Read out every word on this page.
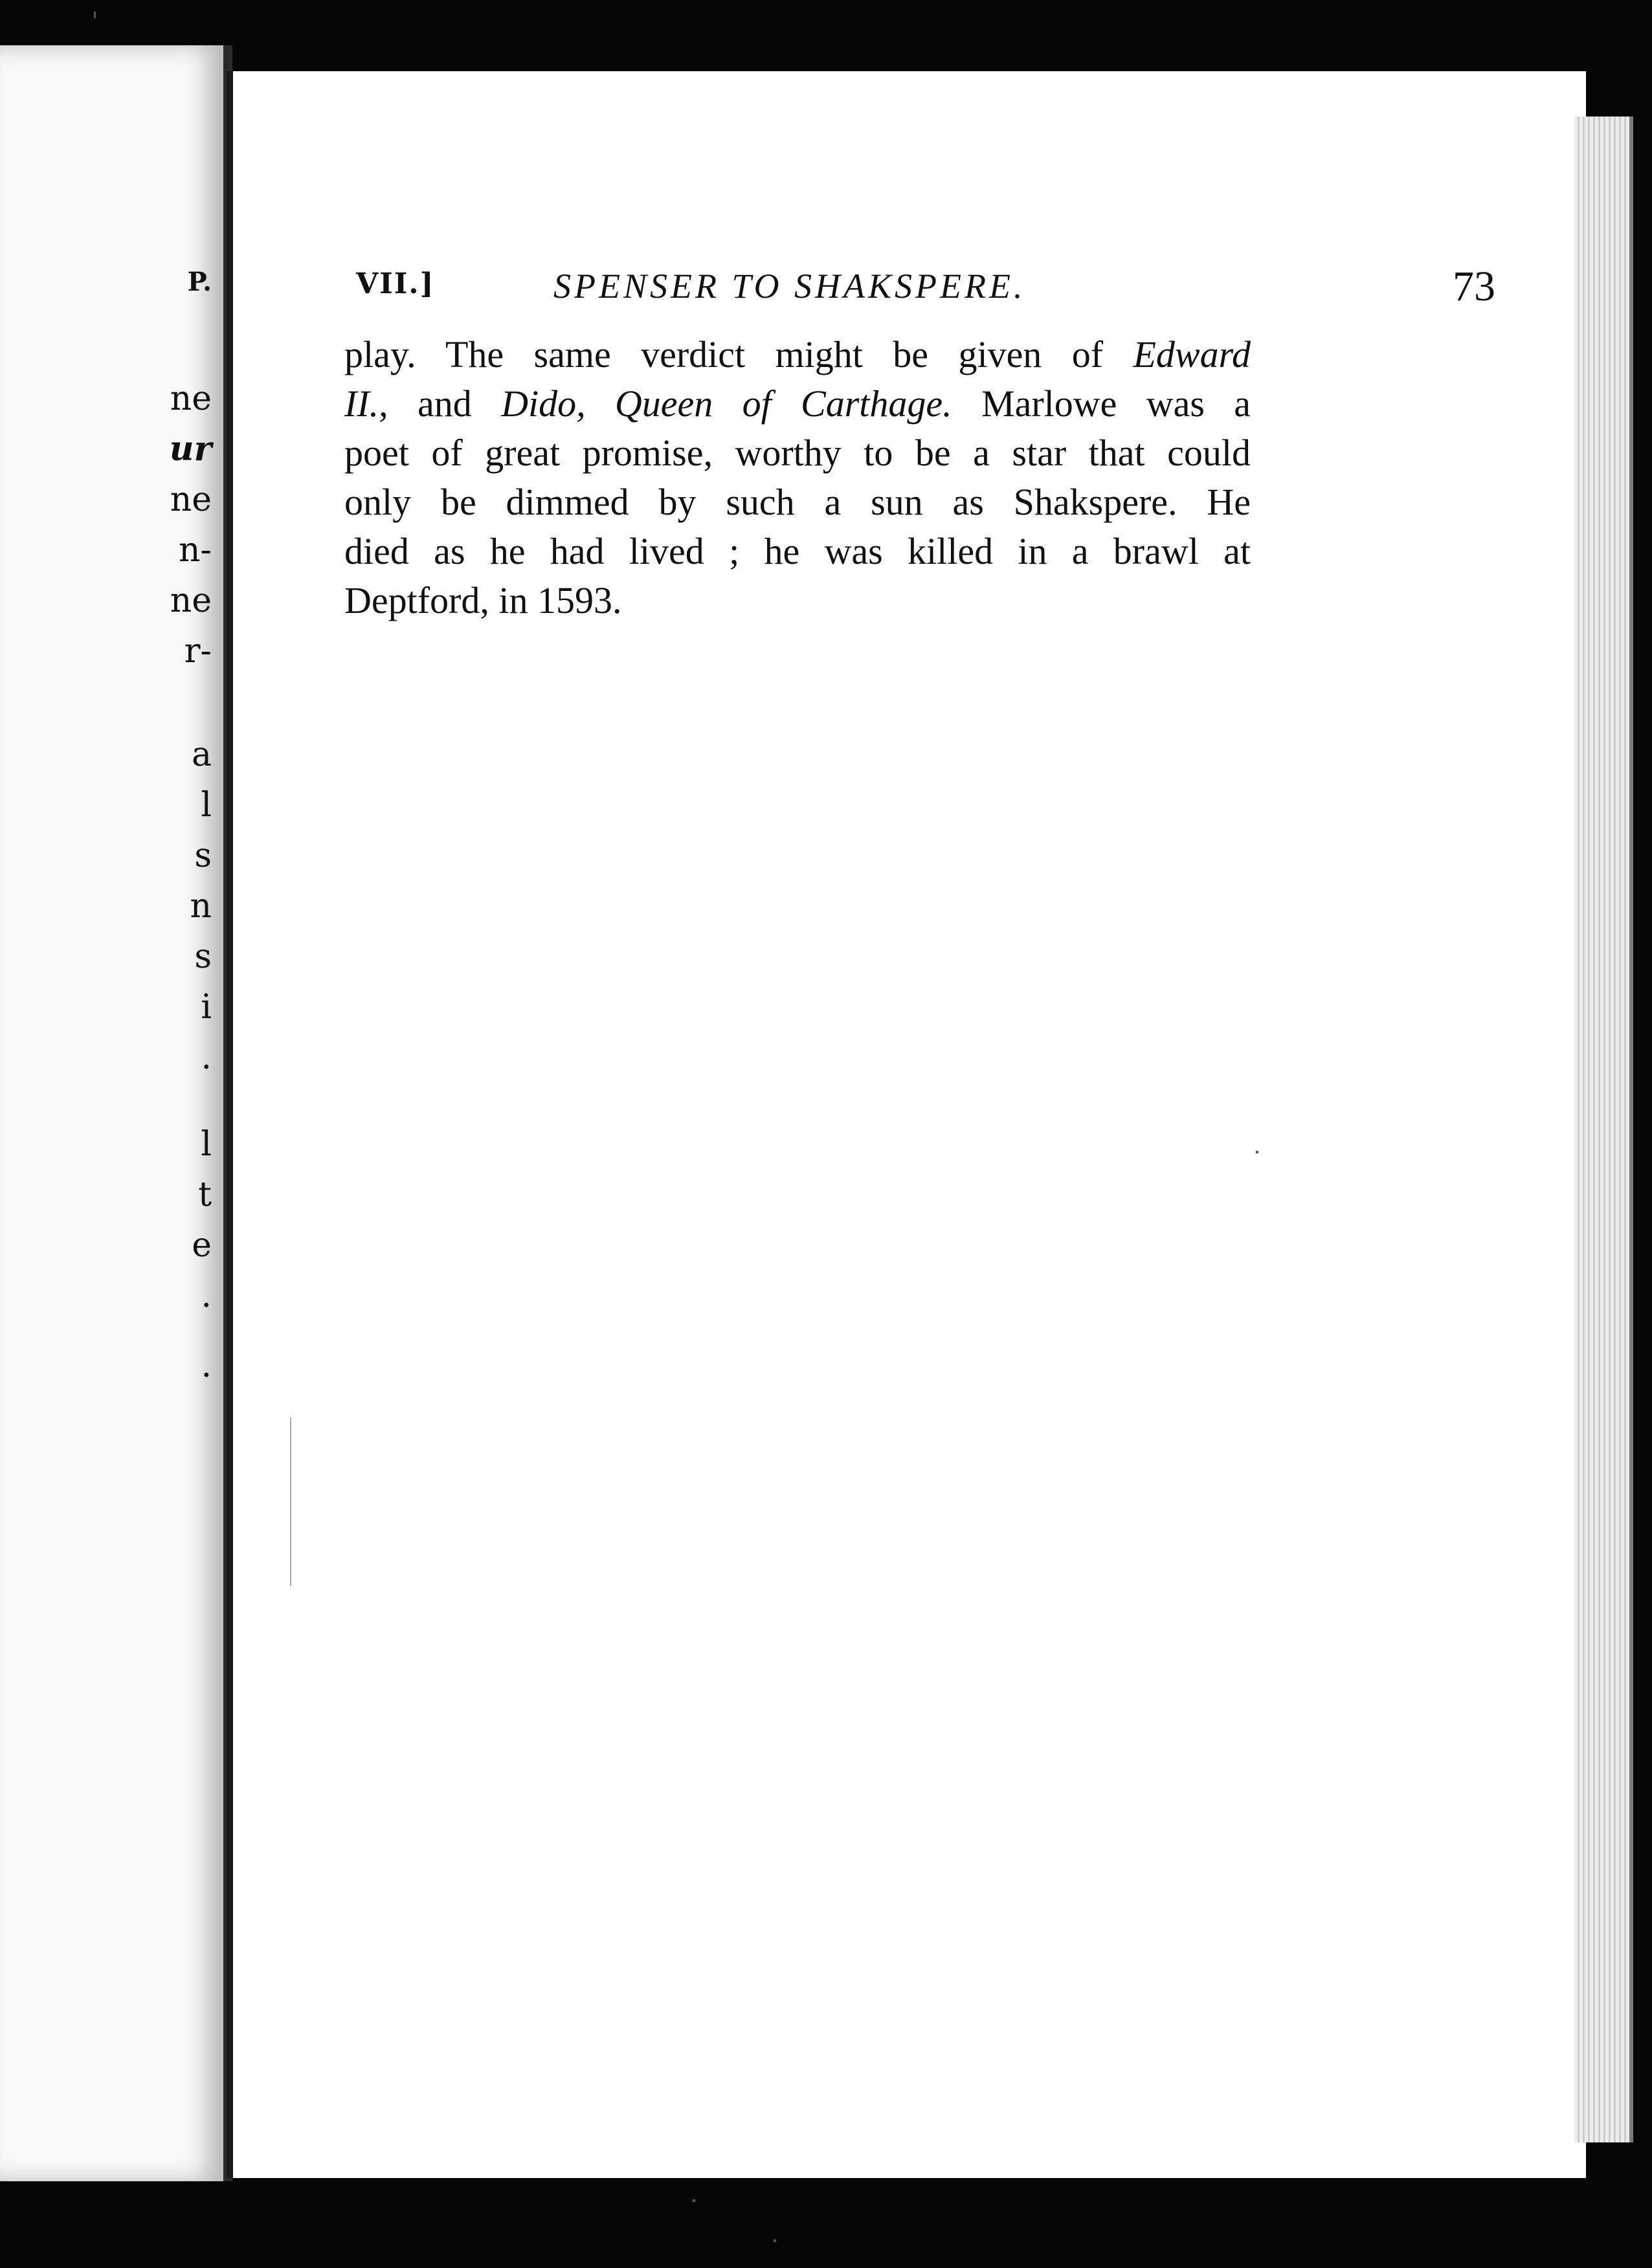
P.
ne
ur
ne
n-
ne
r-
a
l
s
n
s
i
.
l
t
e
.
.
VII.]	SPENSER TO SHAKSPERE.	73
play. The same verdict might be given of Edward
II., and Dido, Queen of Carthage. Marlowe was a
poet of great promise, worthy to be a star that could
only be dimmed by such a sun as Shakspere. He
died as he had lived ; he was killed in a brawl at
Deptford, in 1593.
